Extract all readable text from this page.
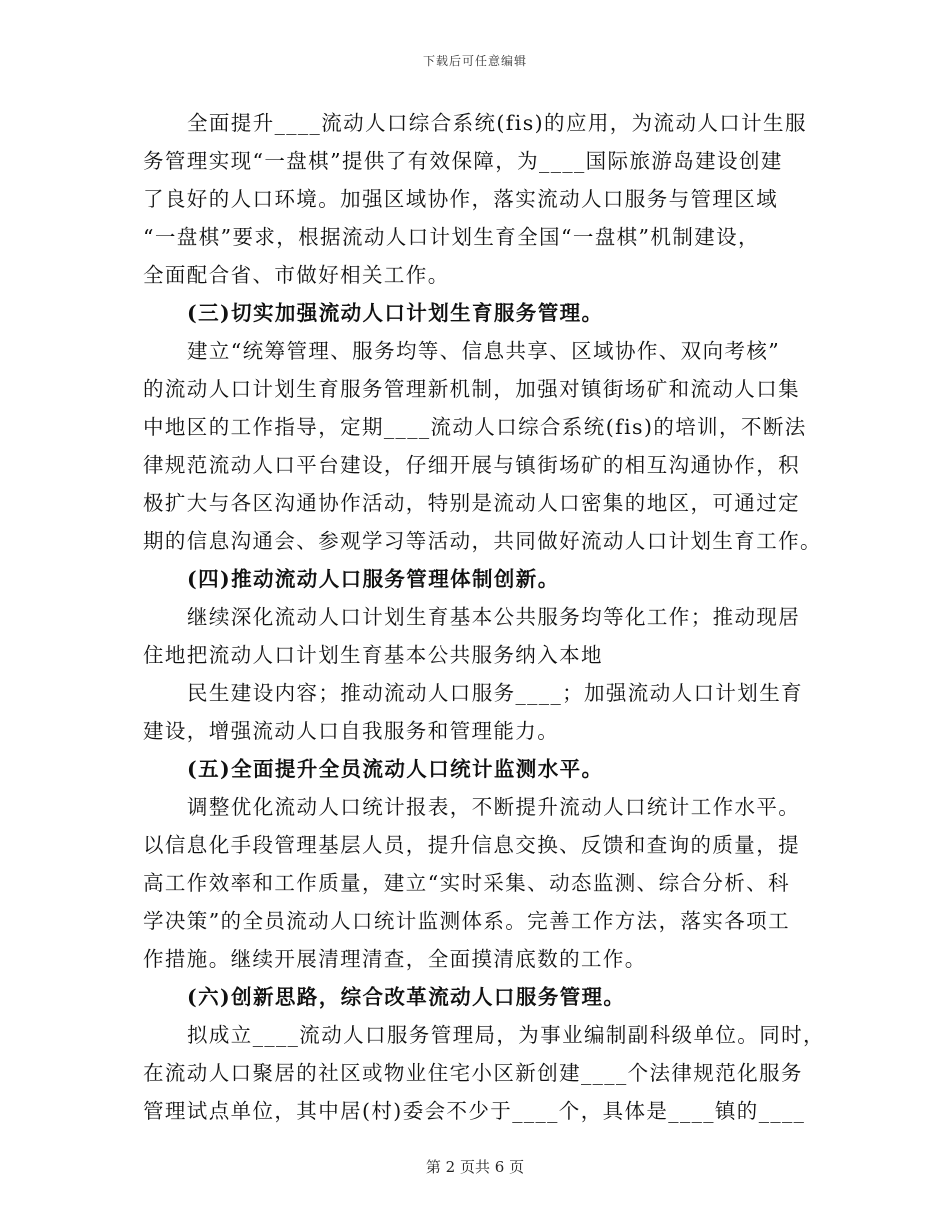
下载后可任意编辑
全面提升____流动人口综合系统(fis)的应用，为流动人口计生服
务管理实现“一盘棋”提供了有效保障，为____国际旅游岛建设创建
了良好的人口环境。加强区域协作，落实流动人口服务与管理区域
“一盘棋”要求，根据流动人口计划生育全国“一盘棋”机制建设，
全面配合省、市做好相关工作。
(三)切实加强流动人口计划生育服务管理。
建立“统筹管理、服务均等、信息共享、区域协作、双向考核”
的流动人口计划生育服务管理新机制，加强对镇街场矿和流动人口集
中地区的工作指导，定期____流动人口综合系统(fis)的培训，不断法
律规范流动人口平台建设，仔细开展与镇街场矿的相互沟通协作，积
极扩大与各区沟通协作活动，特别是流动人口密集的地区，可通过定
期的信息沟通会、参观学习等活动，共同做好流动人口计划生育工作。
(四)推动流动人口服务管理体制创新。
继续深化流动人口计划生育基本公共服务均等化工作；推动现居
住地把流动人口计划生育基本公共服务纳入本地
民生建设内容；推动流动人口服务____；加强流动人口计划生育
建设，增强流动人口自我服务和管理能力。
(五)全面提升全员流动人口统计监测水平。
调整优化流动人口统计报表，不断提升流动人口统计工作水平。
以信息化手段管理基层人员，提升信息交换、反馈和查询的质量，提
高工作效率和工作质量，建立“实时采集、动态监测、综合分析、科
学决策”的全员流动人口统计监测体系。完善工作方法，落实各项工
作措施。继续开展清理清查，全面摸清底数的工作。
(六)创新思路，综合改革流动人口服务管理。
拟成立____流动人口服务管理局，为事业编制副科级单位。同时，
在流动人口聚居的社区或物业住宅小区新创建____个法律规范化服务
管理试点单位，其中居(村)委会不少于____个，具体是____镇的____
第 2 页共 6 页
